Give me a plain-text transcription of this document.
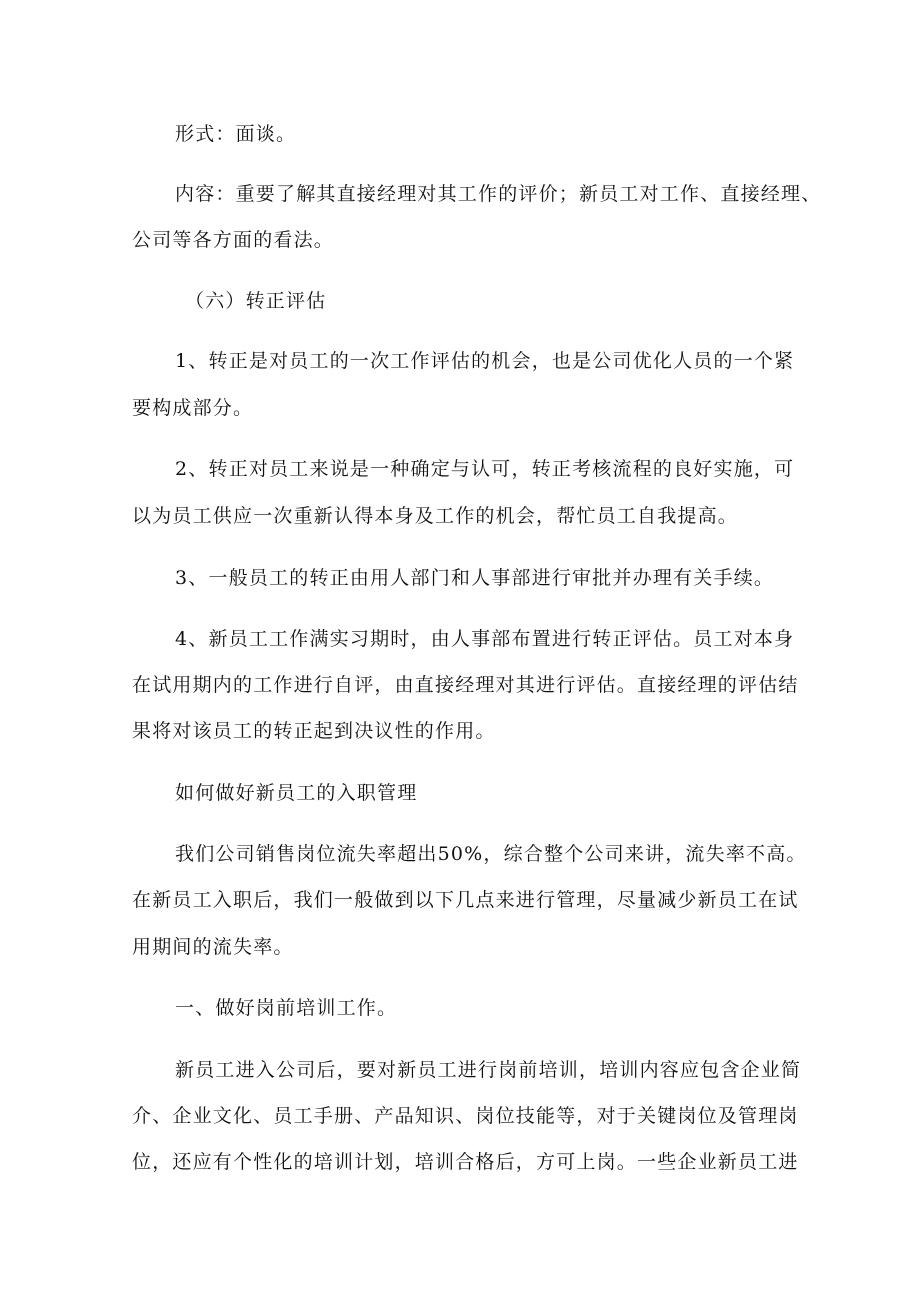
形式：面谈。
内容：重要了解其直接经理对其工作的评价；新员工对工作、直接经理、
公司等各方面的看法。
（六）转正评估
1、转正是对员工的一次工作评估的机会，也是公司优化人员的一个紧
要构成部分。
2、转正对员工来说是一种确定与认可，转正考核流程的良好实施，可
以为员工供应一次重新认得本身及工作的机会，帮忙员工自我提高。
3、一般员工的转正由用人部门和人事部进行审批并办理有关手续。
4、新员工工作满实习期时，由人事部布置进行转正评估。员工对本身
在试用期内的工作进行自评，由直接经理对其进行评估。直接经理的评估结
果将对该员工的转正起到决议性的作用。
如何做好新员工的入职管理
我们公司销售岗位流失率超出50%，综合整个公司来讲，流失率不高。
在新员工入职后，我们一般做到以下几点来进行管理，尽量减少新员工在试
用期间的流失率。
一、做好岗前培训工作。
新员工进入公司后，要对新员工进行岗前培训，培训内容应包含企业简
介、企业文化、员工手册、产品知识、岗位技能等，对于关键岗位及管理岗
位，还应有个性化的培训计划，培训合格后，方可上岗。一些企业新员工进
